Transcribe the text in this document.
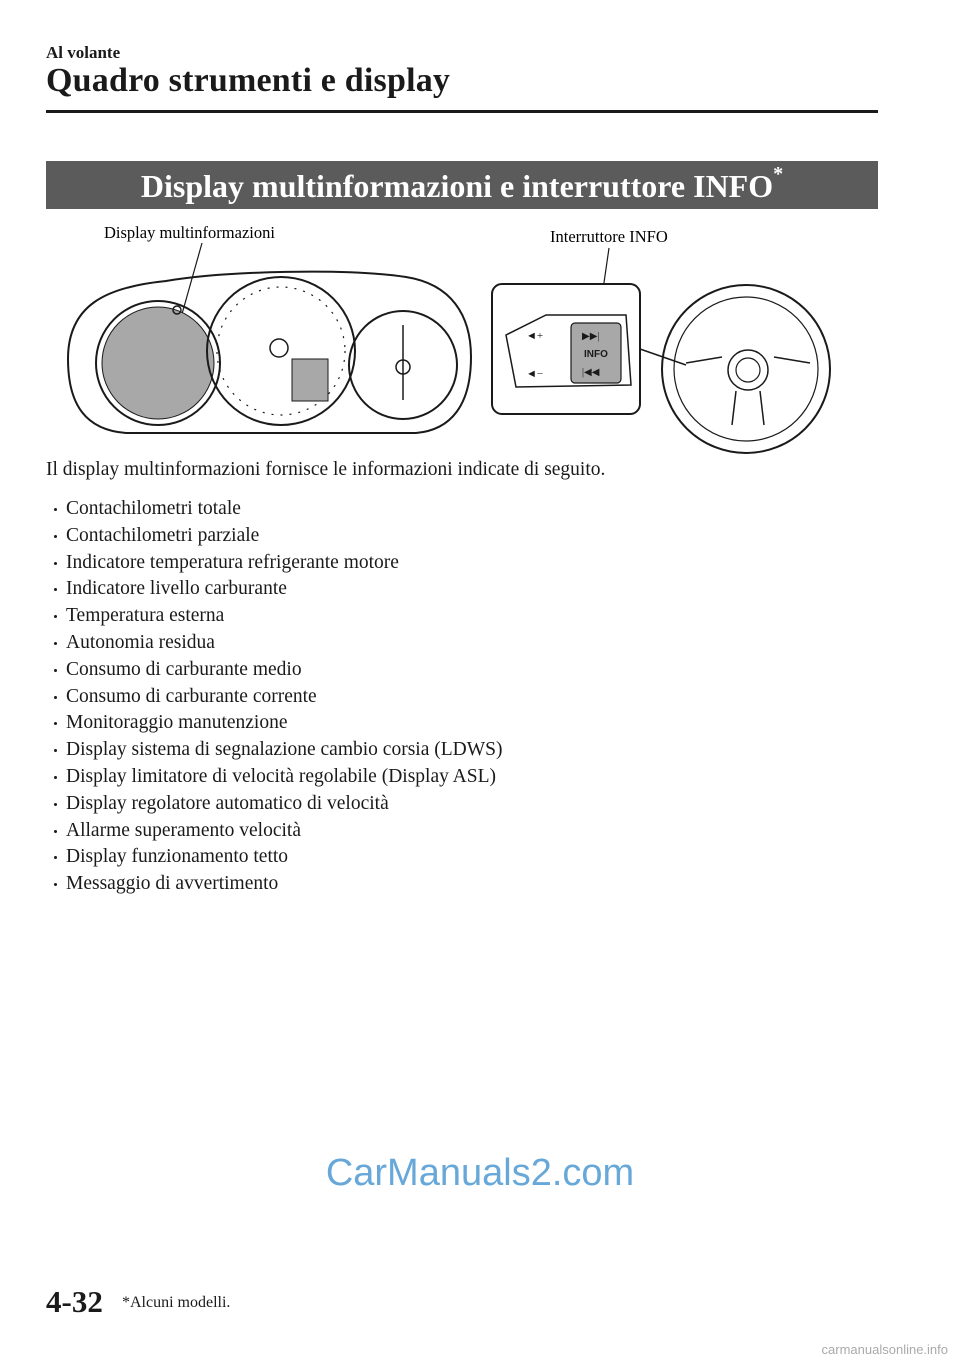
Al volante
Quadro strumenti e display
Display multinformazioni e interruttore INFO*
Display multinformazioni	Interruttore INFO
INFO
▶▶|
|◀◀
◄+
◄−
Il display multinformazioni fornisce le informazioni indicate di seguito.
Contachilometri totale
Contachilometri parziale
Indicatore temperatura refrigerante motore
Indicatore livello carburante
Temperatura esterna
Autonomia residua
Consumo di carburante medio
Consumo di carburante corrente
Monitoraggio manutenzione
Display sistema di segnalazione cambio corsia (LDWS)
Display limitatore di velocità regolabile (Display ASL)
Display regolatore automatico di velocità
Allarme superamento velocità
Display funzionamento tetto
Messaggio di avvertimento
CarManuals2.com
4-32 *Alcuni modelli.
carmanualsonline.info
